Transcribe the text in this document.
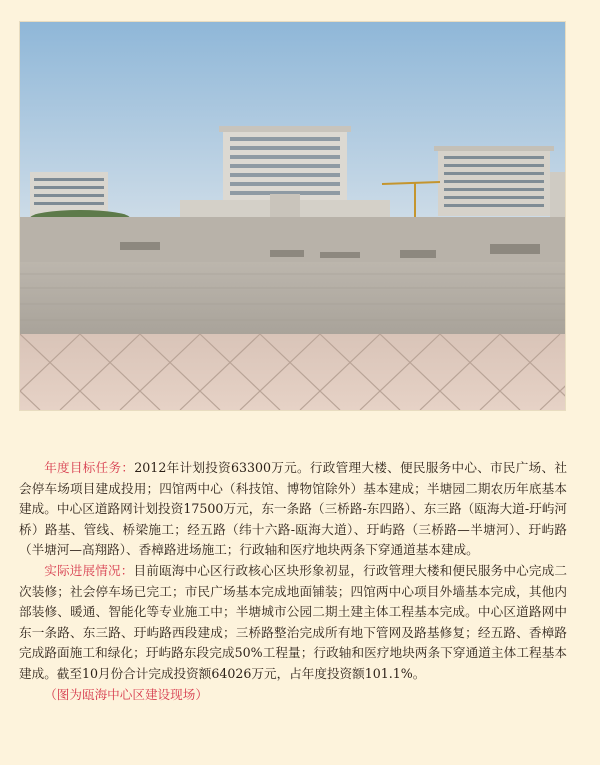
年度目标任务：2012年计划投资63300万元。行政管理大楼、便民服务中心、市民广场、社会停车场项目建成投用；四馆两中心（科技馆、博物馆除外）基本建成；半塘园二期农历年底基本建成。中心区道路网计划投资17500万元，东一条路（三桥路-东四路）、东三路（瓯海大道-玗屿河桥）路基、管线、桥梁施工；经五路（纬十六路-瓯海大道）、玗屿路（三桥路—半塘河）、玗屿路（半塘河—高翔路）、香樟路进场施工；行政轴和医疗地块两条下穿通道基本建成。

实际进展情况：目前瓯海中心区行政核心区块形象初显，行政管理大楼和便民服务中心完成二次装修；社会停车场已完工；市民广场基本完成地面铺装；四馆两中心项目外墙基本完成，其他内部装修、暖通、智能化等专业施工中；半塘城市公园二期土建主体工程基本完成。中心区道路网中东一条路、东三路、玗屿路西段建成；三桥路整治完成所有地下管网及路基修复；经五路、香樟路完成路面施工和绿化；玗屿路东段完成50%工程量；行政轴和医疗地块两条下穿通道主体工程基本建成。截至10月份合计完成投资额64026万元，占年度投资额101.1%。

（图为瓯海中心区建设现场）
